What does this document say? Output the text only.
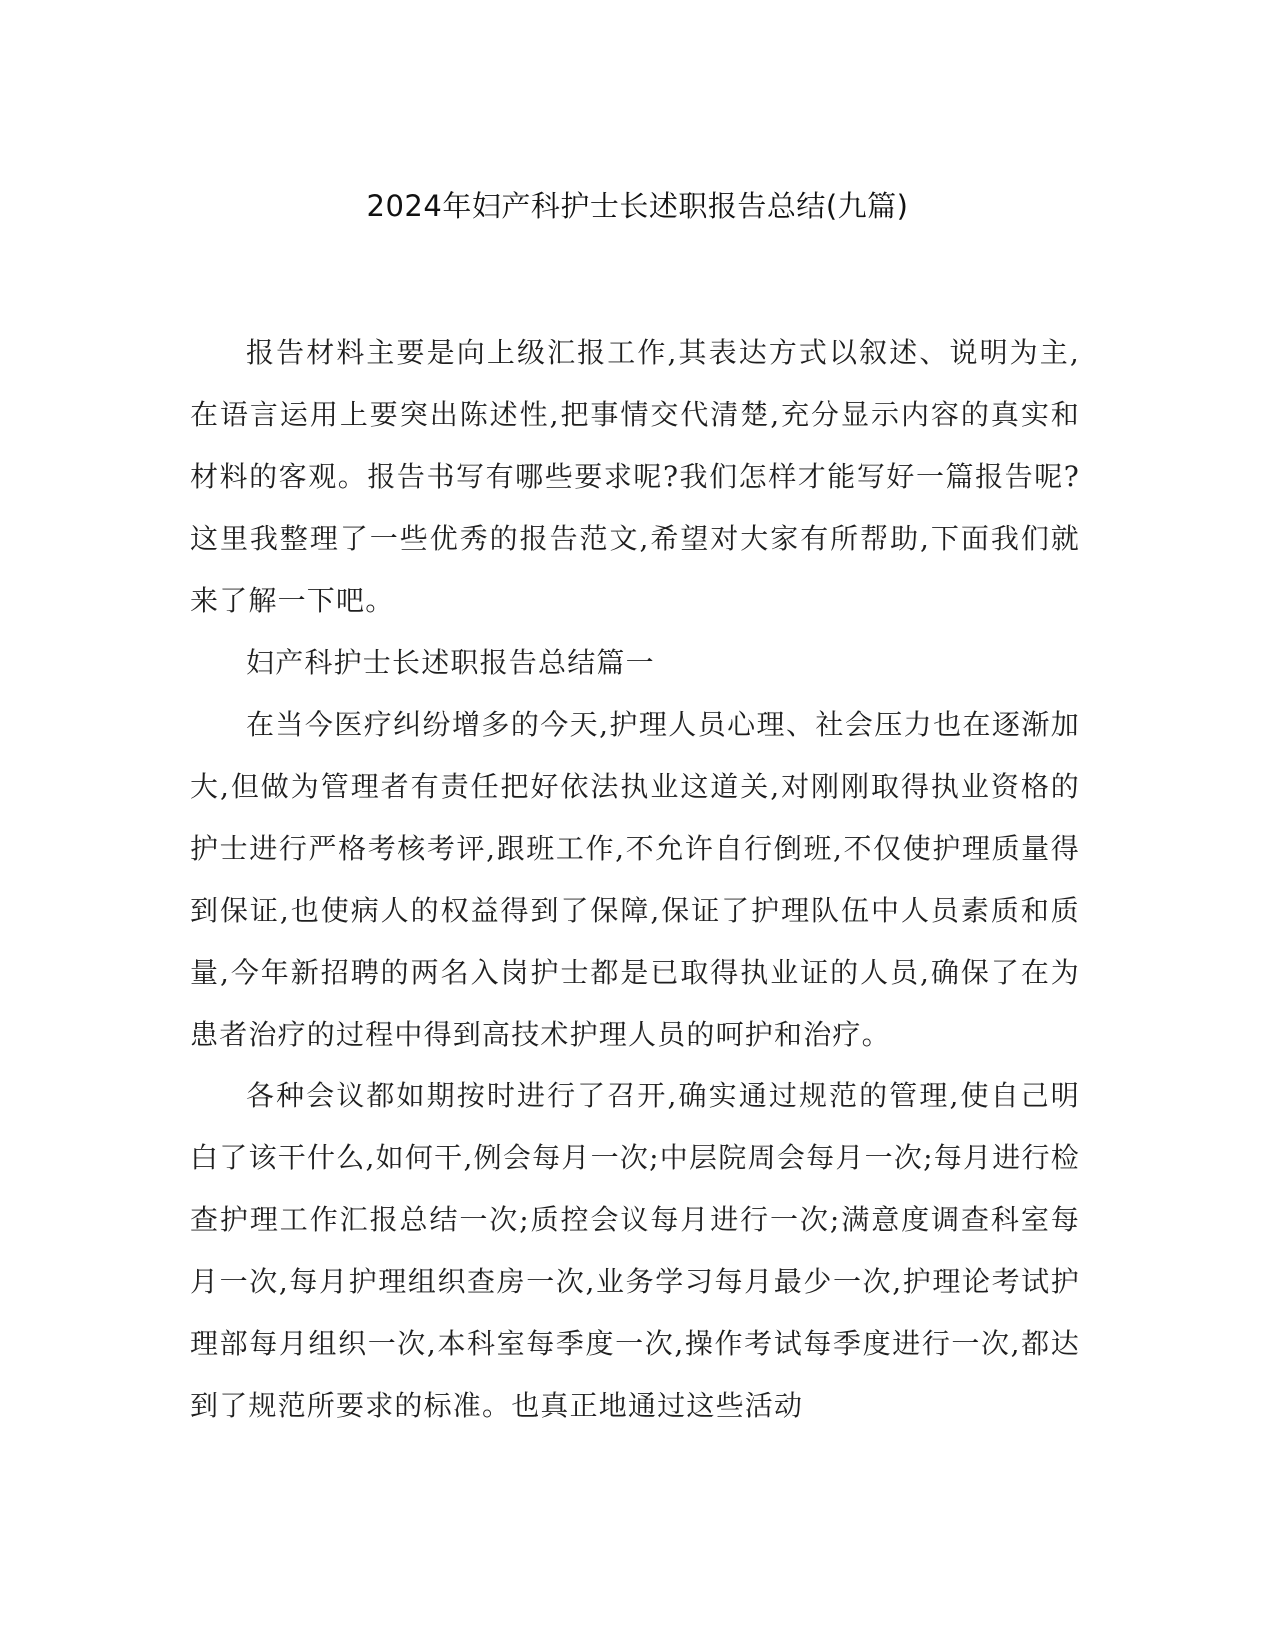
2024年妇产科护士长述职报告总结(九篇)

报告材料主要是向上级汇报工作,其表达方式以叙述、说明为主,在语言运用上要突出陈述性,把事情交代清楚,充分显示内容的真实和材料的客观。报告书写有哪些要求呢?我们怎样才能写好一篇报告呢?这里我整理了一些优秀的报告范文,希望对大家有所帮助,下面我们就来了解一下吧。

妇产科护士长述职报告总结篇一

在当今医疗纠纷增多的今天,护理人员心理、社会压力也在逐渐加大,但做为管理者有责任把好依法执业这道关,对刚刚取得执业资格的护士进行严格考核考评,跟班工作,不允许自行倒班,不仅使护理质量得到保证,也使病人的权益得到了保障,保证了护理队伍中人员素质和质量,今年新招聘的两名入岗护士都是已取得执业证的人员,确保了在为患者治疗的过程中得到高技术护理人员的呵护和治疗。

各种会议都如期按时进行了召开,确实通过规范的管理,使自己明白了该干什么,如何干,例会每月一次;中层院周会每月一次;每月进行检查护理工作汇报总结一次;质控会议每月进行一次;满意度调查科室每月一次,每月护理组织查房一次,业务学习每月最少一次,护理论考试护理部每月组织一次,本科室每季度一次,操作考试每季度进行一次,都达到了规范所要求的标准。也真正地通过这些活动
